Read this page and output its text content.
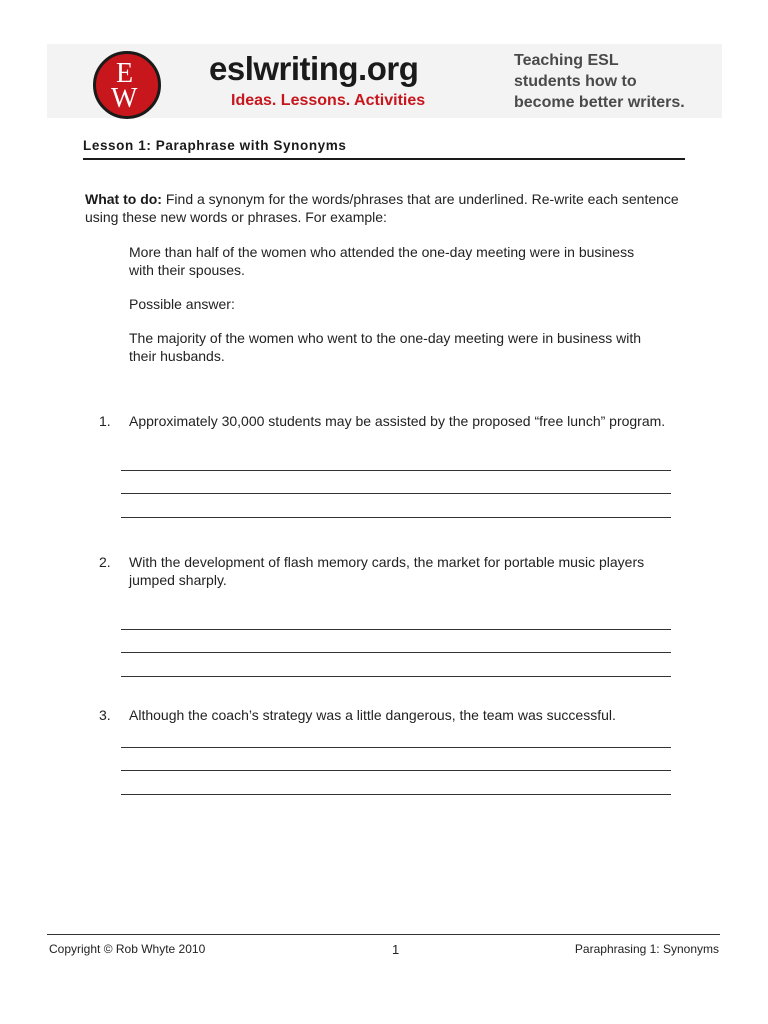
E
W
eslwriting.org
Ideas. Lessons. Activities
Teaching ESL
students how to
become better writers.
Lesson 1: Paraphrase with Synonyms
What to do: Find a synonym for the words/phrases that are underlined. Re-write each sentence using these new words or phrases. For example:
More than half of the women who attended the one-day meeting were in business with their spouses.
Possible answer:
The majority of the women who went to the one-day meeting were in business with their husbands.
1. Approximately 30,000 students may be assisted by the proposed “free lunch” program.
2. With the development of flash memory cards, the market for portable music players jumped sharply.
3. Although the coach’s strategy was a little dangerous, the team was successful.
Copyright © Rob Whyte 2010	1	Paraphrasing 1: Synonyms
